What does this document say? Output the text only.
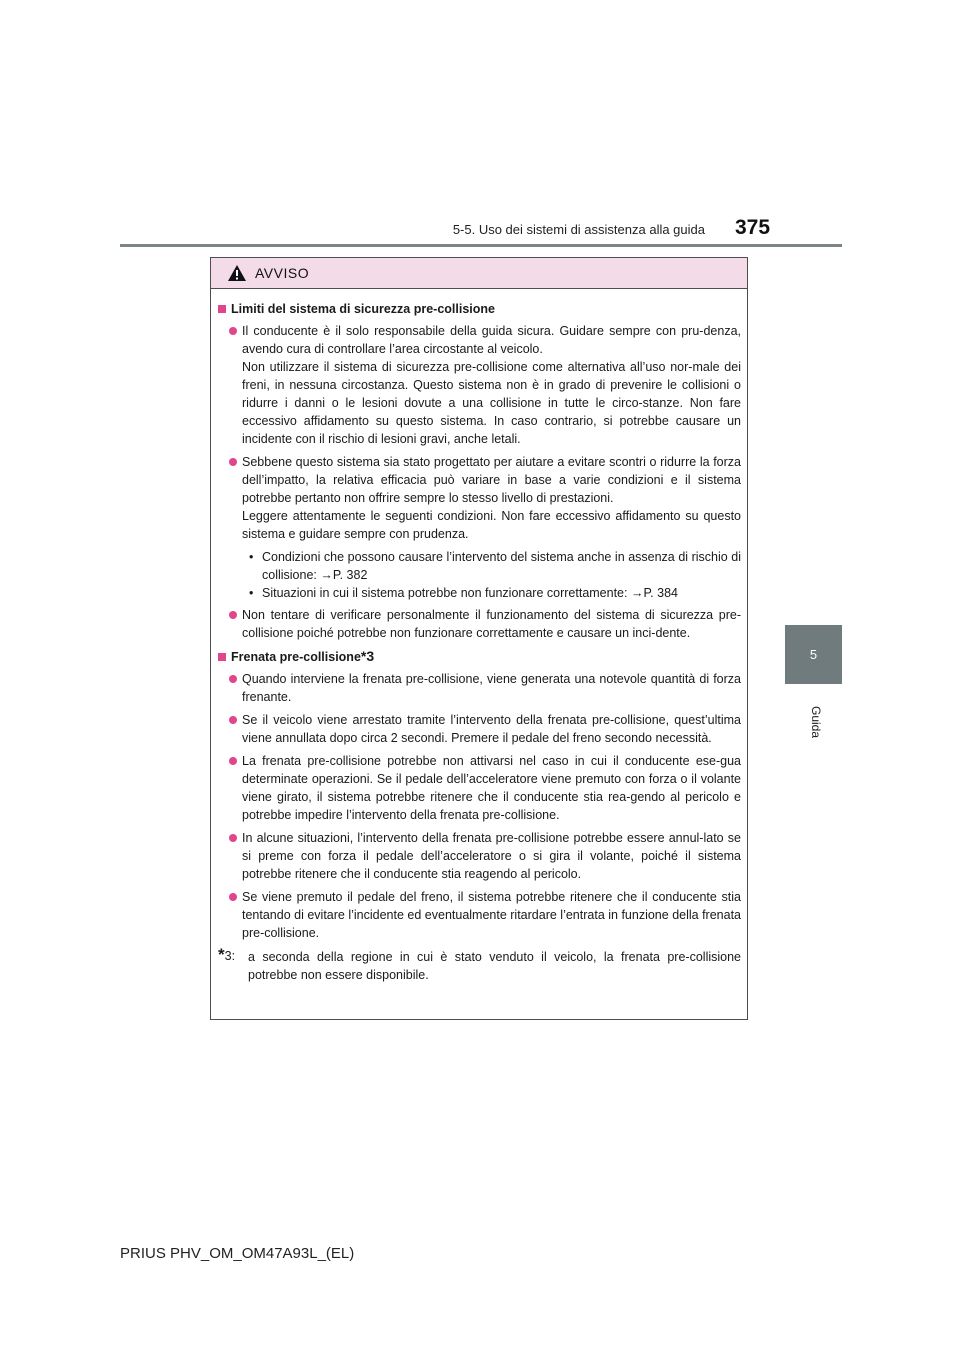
375
5-5. Uso dei sistemi di assistenza alla guida
5
Guida
AVVISO
Limiti del sistema di sicurezza pre-collisione

Il conducente è il solo responsabile della guida sicura. Guidare sempre con pru-denza, avendo cura di controllare l’area circostante al veicolo.

Non utilizzare il sistema di sicurezza pre-collisione come alternativa all’uso nor-male dei freni, in nessuna circostanza. Questo sistema non è in grado di prevenire le collisioni o ridurre i danni o le lesioni dovute a una collisione in tutte le circo-stanze. Non fare eccessivo affidamento su questo sistema. In caso contrario, si potrebbe causare un incidente con il rischio di lesioni gravi, anche letali.

Sebbene questo sistema sia stato progettato per aiutare a evitare scontri o ridurre la forza dell’impatto, la relativa efficacia può variare in base a varie condizioni e il sistema potrebbe pertanto non offrire sempre lo stesso livello di prestazioni.

Leggere attentamente le seguenti condizioni. Non fare eccessivo affidamento su questo sistema e guidare sempre con prudenza.

• Condizioni che possono causare l’intervento del sistema anche in assenza di rischio di collisione: →P. 382
• Situazioni in cui il sistema potrebbe non funzionare correttamente: →P. 384

Non tentare di verificare personalmente il funzionamento del sistema di sicurezza pre-collisione poiché potrebbe non funzionare correttamente e causare un inci-dente.

Frenata pre-collisione *3

Quando interviene la frenata pre-collisione, viene generata una notevole quantità di forza frenante.

Se il veicolo viene arrestato tramite l’intervento della frenata pre-collisione, quest’ultima viene annullata dopo circa 2 secondi. Premere il pedale del freno secondo necessità.

La frenata pre-collisione potrebbe non attivarsi nel caso in cui il conducente ese-gua determinate operazioni. Se il pedale dell’acceleratore viene premuto con forza o il volante viene girato, il sistema potrebbe ritenere che il conducente stia rea-gendo al pericolo e potrebbe impedire l’intervento della frenata pre-collisione.

In alcune situazioni, l’intervento della frenata pre-collisione potrebbe essere annul-lato se si preme con forza il pedale dell’acceleratore o si gira il volante, poiché il sistema potrebbe ritenere che il conducente stia reagendo al pericolo.

Se viene premuto il pedale del freno, il sistema potrebbe ritenere che il conducente stia tentando di evitare l’incidente ed eventualmente ritardare l’entrata in funzione della frenata pre-collisione.

*3: a seconda della regione in cui è stato venduto il veicolo, la frenata pre-collisione potrebbe non essere disponibile.
PRIUS PHV_OM_OM47A93L_(EL)
